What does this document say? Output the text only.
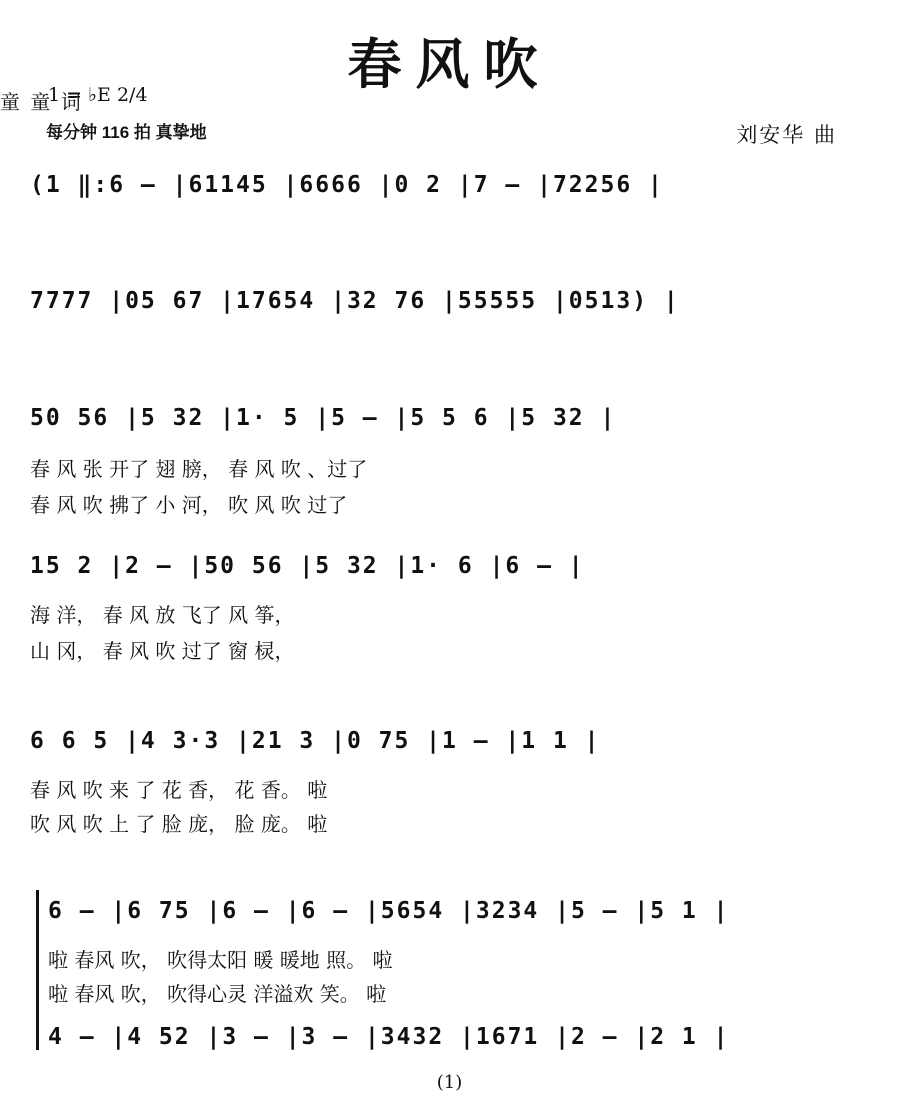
春风吹
1 = ♭E 2/4
每分钟 116 拍 真挚地
童 童 词
刘安华 曲
(1 ‖:6 — |61145 |6666 |0 2 |7 — |72256 |
7777 |05 67 |17654 |32 76 |55555 |0513) |
50 56 |5 32 |1· 5 |5 — |5 5 6 |5 32 |
春 风 张 开了 翅 膀， 春 风 吹 、过了
春 风 吹 拂了 小 河， 吹 风 吹 过了
15 2 |2 — |50 56 |5 32 |1· 6 |6 — |
海 洋， 春 风 放 飞了 风 筝，
山 冈， 春 风 吹 过了 窗 棂，
6 6 5 |4 3·3 |21 3 |0 75 |1 — |1 1 |
春 风 吹 来 了 花 香， 花 香。 啦
吹 风 吹 上 了 脸 庞， 脸 庞。 啦
6 — |6 75 |6 — |6 — |5654 |3234 |5 — |5 1 |
啦 春风 吹， 吹得太阳 暖 暖地 照。 啦
啦 春风 吹， 吹得心灵 洋溢欢 笑。 啦
4 — |4 52 |3 — |3 — |3432 |1671 |2 — |2 1 |
(1)
